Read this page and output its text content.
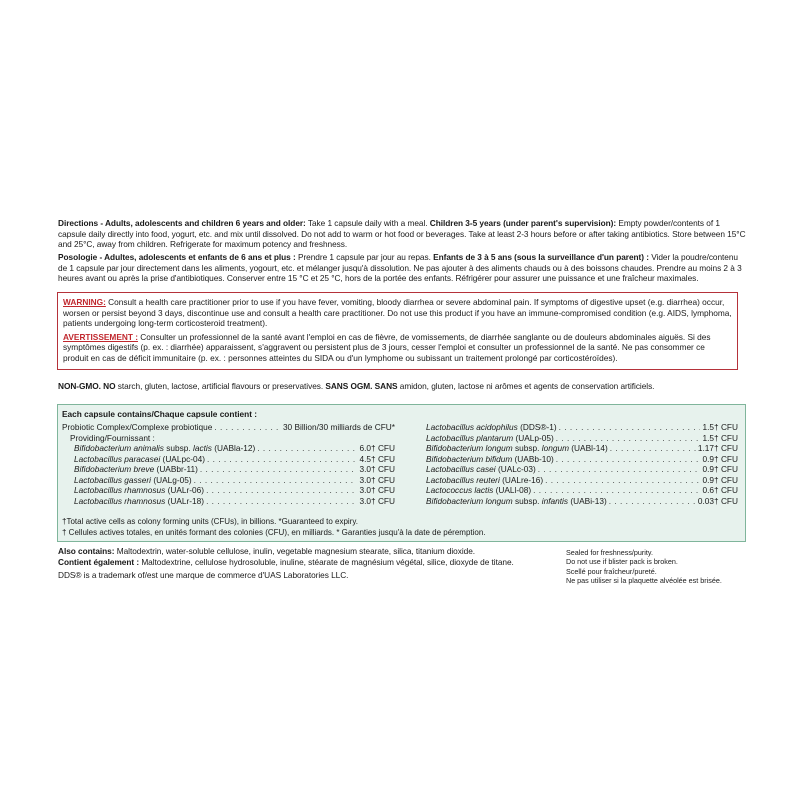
Directions - Adults, adolescents and children 6 years and older: Take 1 capsule daily with a meal. Children 3-5 years (under parent's supervision): Empty powder/contents of 1 capsule daily directly into food, yogurt, etc. and mix until dissolved. Do not add to warm or hot food or beverages. Take at least 2-3 hours before or after taking antibiotics. Store between 15°C and 25°C, away from children. Refrigerate for maximum potency and freshness.
Posologie - Adultes, adolescents et enfants de 6 ans et plus : Prendre 1 capsule par jour au repas. Enfants de 3 à 5 ans (sous la surveillance d'un parent) : Vider la poudre/contenu de 1 capsule par jour directement dans les aliments, yogourt, etc. et mélanger jusqu'à dissolution. Ne pas ajouter à des aliments chauds ou à des boissons chaudes. Prendre au moins 2 à 3 heures avant ou après la prise d'antibiotiques. Conserver entre 15 °C et 25 °C, hors de la portée des enfants. Réfrigérer pour assurer une puissance et une fraîcheur maximales.

WARNING: Consult a health care practitioner prior to use if you have fever, vomiting, bloody diarrhea or severe abdominal pain. If symptoms of digestive upset (e.g. diarrhea) occur, worsen or persist beyond 3 days, discontinue use and consult a health care practitioner. Do not use this product if you have an immune-compromised condition (e.g. AIDS, lymphoma, patients undergoing long-term corticosteroid treatment).

AVERTISSEMENT : Consulter un professionnel de la santé avant l'emploi en cas de fièvre, de vomissements, de diarrhée sanglante ou de douleurs abdominales aiguës. Si des symptômes digestifs (p. ex. : diarrhée) apparaissent, s'aggravent ou persistent plus de 3 jours, cesser l'emploi et consulter un professionnel de la santé. Ne pas consommer ce produit en cas de déficit immunitaire (p. ex. : personnes atteintes du SIDA ou d'un lymphome ou subissant un traitement prolongé par corticostéroïdes).

NON-GMO. NO starch, gluten, lactose, artificial flavours or preservatives. SANS OGM. SANS amidon, gluten, lactose ni arômes et agents de conservation artificiels.
Each capsule contains/Chaque capsule contient :
Probiotic Complex/Complexe probiotique . . .	30 Billion/30 milliards de CFU*
Providing/Fournissant :
Bifidobacterium animalis subsp. lactis (UABla-12) . . .	6.0† CFU
Lactobacillus paracasei (UALpc-04) . . .	4.5† CFU
Bifidobacterium breve (UABbr-11) . . .	3.0† CFU
Lactobacillus gasseri (UALg-05) . . .	3.0† CFU
Lactobacillus rhamnosus (UALr-06) . . .	3.0† CFU
Lactobacillus rhamnosus (UALr-18) . . .	3.0† CFU
Lactobacillus acidophilus (DDS®-1) . . .	1.5† CFU
Lactobacillus plantarum (UALp-05) . . .	1.5† CFU
Bifidobacterium longum subsp. longum (UABl-14) . . .	1.17† CFU
Bifidobacterium bifidum (UABb-10) . . .	0.9† CFU
Lactobacillus casei (UALc-03) . . .	0.9† CFU
Lactobacillus reuteri (UALre-16) . . .	0.9† CFU
Lactococcus lactis (UALl-08) . . .	0.6† CFU
Bifidobacterium longum subsp. infantis (UABi-13) . . .	0.03† CFU
†Total active cells as colony forming units (CFUs), in billions. *Guaranteed to expiry.
† Cellules actives totales, en unités formant des colonies (CFU), en milliards. * Garanties jusqu'à la date de péremption.
Also contains: Maltodextrin, water-soluble cellulose, inulin, vegetable magnesium stearate, silica, titanium dioxide.
Contient également : Maltodextrine, cellulose hydrosoluble, inuline, stéarate de magnésium végétal, silice, dioxyde de titane.
Sealed for freshness/purity.
Do not use if blister pack is broken.
Scellé pour fraîcheur/pureté.
Ne pas utiliser si la plaquette alvéolée est brisée.
DDS® is a trademark of/est une marque de commerce d'UAS Laboratories LLC.
